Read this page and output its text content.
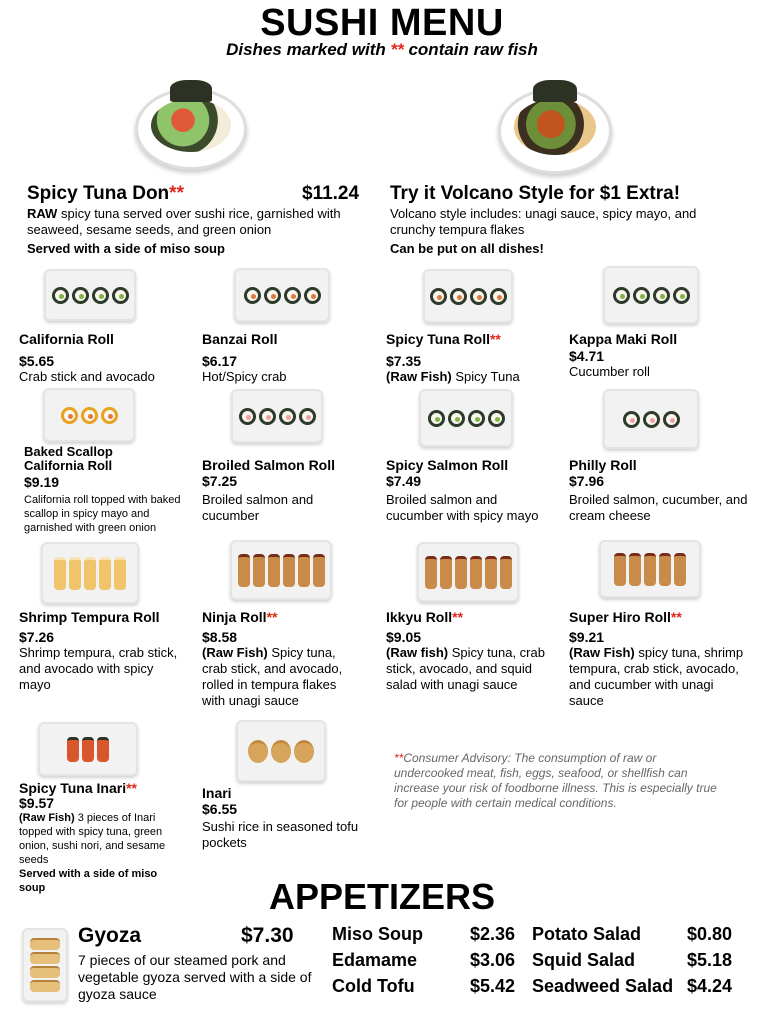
SUSHI MENU
Dishes marked with ** contain raw fish
Spicy Tuna Don**	$11.24
RAW spicy tuna served over sushi rice, garnished with seaweed, sesame seeds, and green onion
Served with a side of miso soup
Try it Volcano Style for $1 Extra!
Volcano style includes: unagi sauce, spicy mayo, and crunchy tempura flakes
Can be put on all dishes!
California Roll
$5.65
Crab stick and avocado
Banzai Roll
$6.17
Hot/Spicy crab
Spicy Tuna Roll**
$7.35
(Raw Fish) Spicy Tuna
Kappa Maki Roll
$4.71
Cucumber roll
Baked Scallop California Roll
$9.19
California roll topped with baked scallop in spicy mayo and garnished with green onion
Broiled Salmon Roll
$7.25
Broiled salmon and cucumber
Spicy Salmon Roll
$7.49
Broiled salmon and cucumber with spicy mayo
Philly Roll
$7.96
Broiled salmon, cucumber, and cream cheese
Shrimp Tempura Roll
$7.26
Shrimp tempura, crab stick, and avocado with spicy mayo
Ninja Roll**
$8.58
(Raw Fish) Spicy tuna, crab stick, and avocado, rolled in tempura flakes with unagi sauce
Ikkyu Roll**
$9.05
(Raw fish) Spicy tuna, crab stick, avocado, and squid salad with unagi sauce
Super Hiro Roll**
$9.21
(Raw Fish) spicy tuna, shrimp tempura, crab stick, avocado, and cucumber with unagi sauce
Spicy Tuna Inari**
$9.57
(Raw Fish) 3 pieces of Inari topped with spicy tuna, green onion, sushi nori, and sesame seeds
Served with a side of miso soup
Inari
$6.55
Sushi rice in seasoned tofu pockets
**Consumer Advisory: The consumption of raw or undercooked meat, fish, eggs, seafood, or shellfish can increase your risk of foodborne illness. This is especially true for people with certain medical conditions.
APPETIZERS
Gyoza	$7.30
7 pieces of our steamed pork and vegetable gyoza served with a side of gyoza sauce
Miso Soup	$2.36
Edamame	$3.06
Cold Tofu	$5.42
Potato Salad	$0.80
Squid Salad	$5.18
Seadweed Salad $4.24
